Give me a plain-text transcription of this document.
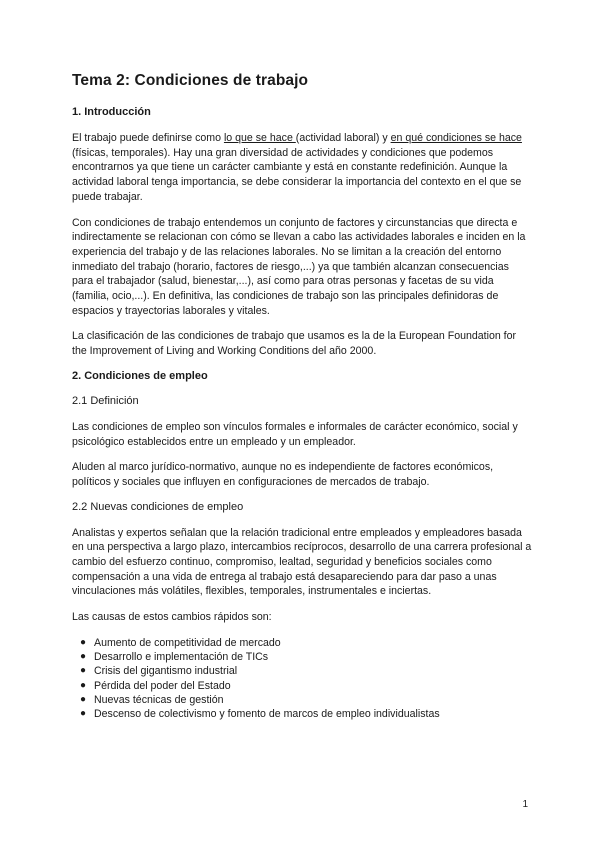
Tema 2: Condiciones de trabajo
1. Introducción

El trabajo puede definirse como lo que se hace (actividad laboral) y en qué condiciones se hace (físicas, temporales). Hay una gran diversidad de actividades y condiciones que podemos encontrarnos ya que tiene un carácter cambiante y está en constante redefinición. Aunque la actividad laboral tenga importancia, se debe considerar la importancia del contexto en el que se puede trabajar.

Con condiciones de trabajo entendemos un conjunto de factores y circunstancias que directa e indirectamente se relacionan con cómo se llevan a cabo las actividades laborales e inciden en la experiencia del trabajo y de las relaciones laborales. No se limitan a la creación del entorno inmediato del trabajo (horario, factores de riesgo,...) ya que también alcanzan consecuencias para el trabajador (salud, bienestar,...), así como para otras personas y facetas de su vida (familia, ocio,...). En definitiva, las condiciones de trabajo son las principales definidoras de espacios y trayectorias laborales y vitales.

La clasificación de las condiciones de trabajo que usamos es la de la European Foundation for the Improvement of Living and Working Conditions del año 2000.

2. Condiciones de empleo
2.1 Definición

Las condiciones de empleo son vínculos formales e informales de carácter económico, social y psicológico establecidos entre un empleado y un empleador.

Aluden al marco jurídico-normativo, aunque no es independiente de factores económicos, políticos y sociales que influyen en configuraciones de mercados de trabajo.

2.2 Nuevas condiciones de empleo

Analistas y expertos señalan que la relación tradicional entre empleados y empleadores basada en una perspectiva a largo plazo, intercambios recíprocos, desarrollo de una carrera profesional a cambio del esfuerzo continuo, compromiso, lealtad, seguridad y beneficios sociales como compensación a una vida de entrega al trabajo está desapareciendo para dar paso a unas vinculaciones más volátiles, flexibles, temporales, instrumentales e inciertas.

Las causas de estos cambios rápidos son:

● Aumento de competitividad de mercado
● Desarrollo e implementación de TICs
● Crisis del gigantismo industrial
● Pérdida del poder del Estado
● Nuevas técnicas de gestión
● Descenso de colectivismo y fomento de marcos de empleo individualistas
1
